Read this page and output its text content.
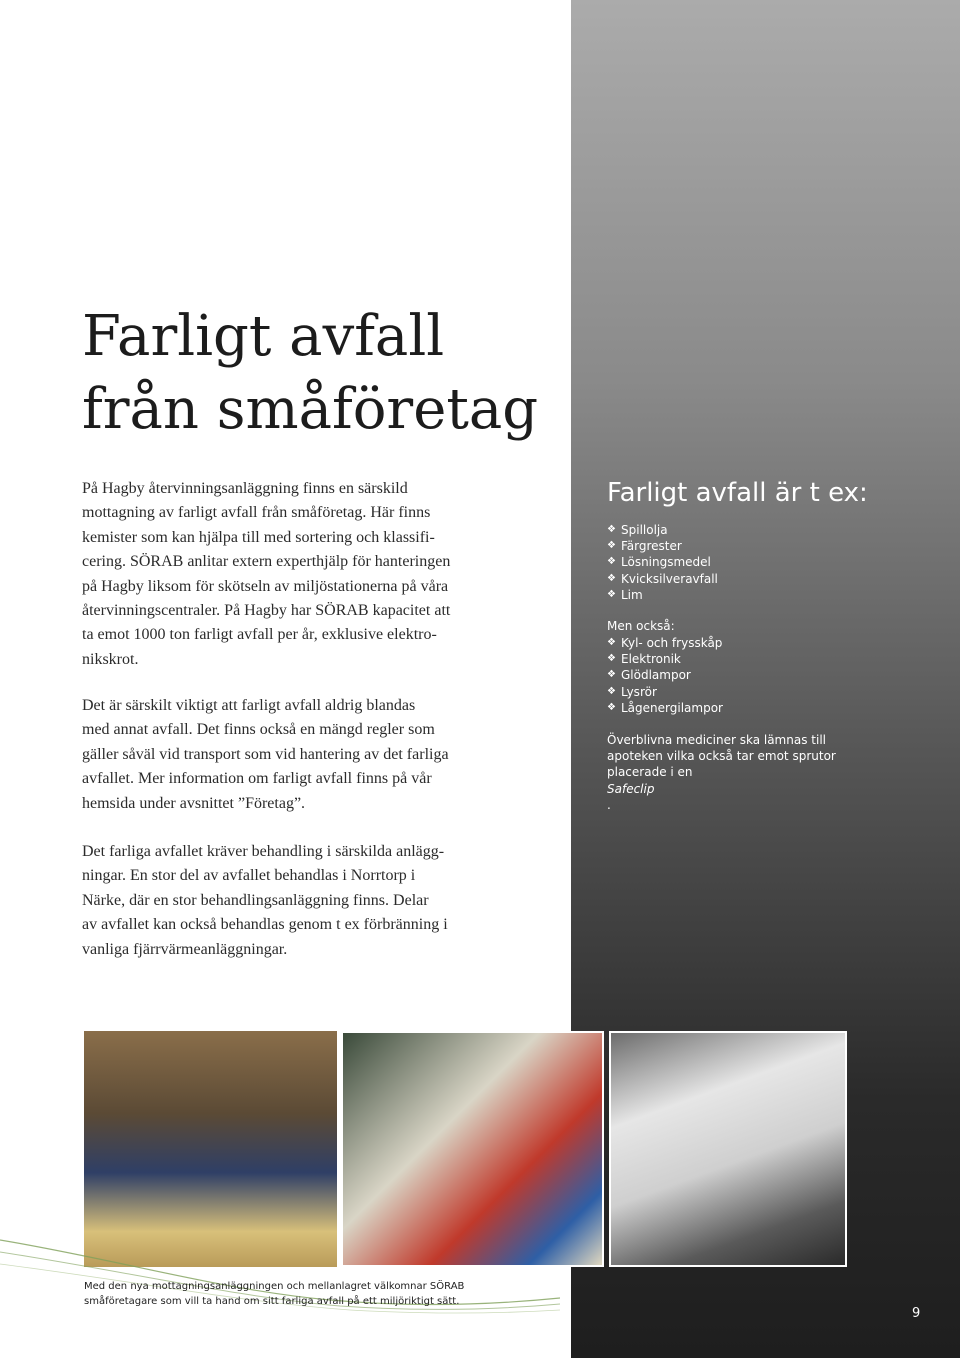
Farligt avfall
från småföretag
På Hagby återvinningsanläggning finns en särskild
mottagning av farligt avfall från småföretag. Här finns
kemister som kan hjälpa till med sortering och klassifi-
cering. SÖRAB anlitar extern experthjälp för hanteringen
på Hagby liksom för skötseln av miljöstationerna på våra
återvinningscentraler. På Hagby har SÖRAB kapacitet att
ta emot 1000 ton farligt avfall per år, exklusive elektro-
nikskrot.
Det är särskilt viktigt att farligt avfall aldrig blandas
med annat avfall. Det finns också en mängd regler som
gäller såväl vid transport som vid hantering av det farliga
avfallet. Mer information om farligt avfall finns på vår
hemsida under avsnittet ”Företag”.
Det farliga avfallet kräver behandling i särskilda anlägg-
ningar. En stor del av avfallet behandlas i Norrtorp i
Närke, där en stor behandlingsanläggning finns. Delar
av avfallet kan också behandlas genom t ex förbränning i
vanliga fjärrvärmeanläggningar.
Farligt avfall är t ex:
❖ Spillolja
❖ Färgrester
❖ Lösningsmedel
❖ Kvicksilveravfall
❖ Lim
Men också:
❖ Kyl- och frysskåp
❖ Elektronik
❖ Glödlampor
❖ Lysrör
❖ Lågenergilampor
Överblivna mediciner ska lämnas till
apoteken vilka också tar emot sprutor
placerade i en
Safeclip
.
Med den nya mottagningsanläggningen och mellanlagret välkomnar SÖRAB
småföretagare som vill ta hand om sitt farliga avfall på ett miljöriktigt sätt.
9
